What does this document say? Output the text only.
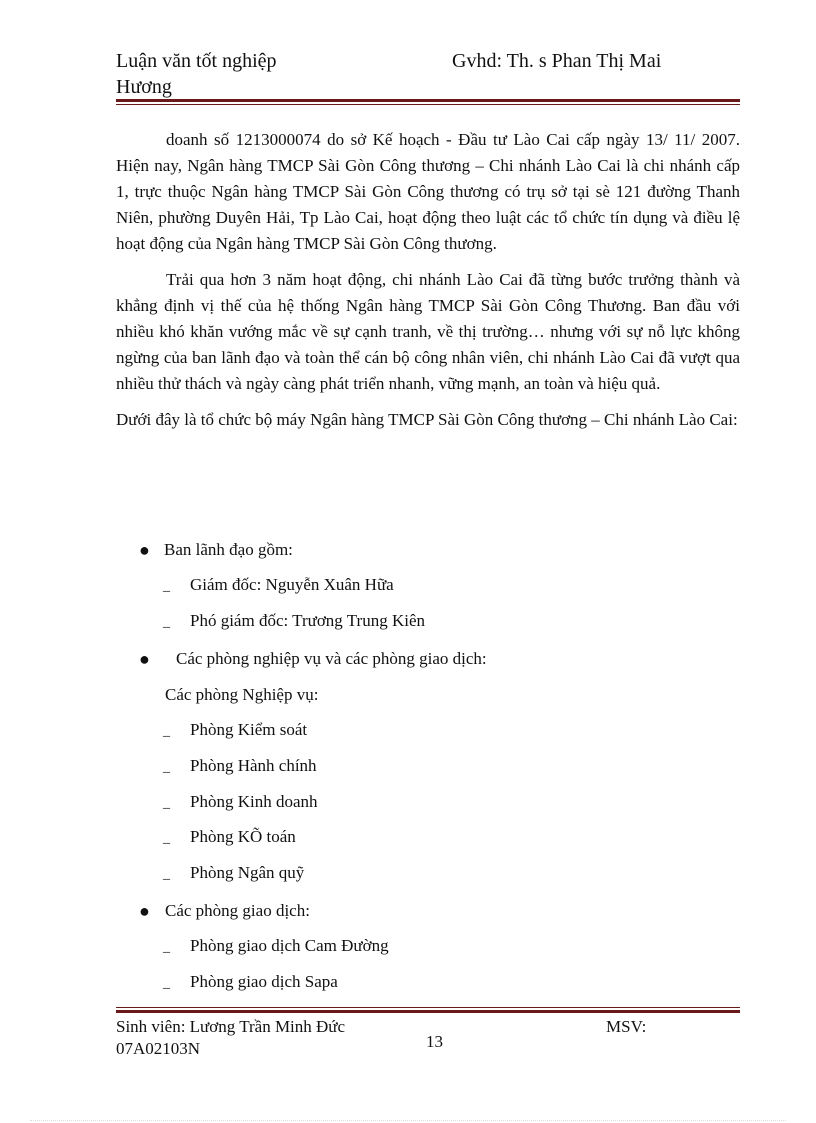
Luận văn tốt nghiệp
Hương
Gvhd: Th. s Phan Thị Mai

doanh số 1213000074 do sở Kế hoạch - Đầu tư Lào Cai cấp ngày 13/ 11/ 2007. Hiện nay, Ngân hàng TMCP Sài Gòn Công thương – Chi nhánh Lào Cai là chi nhánh cấp 1, trực thuộc Ngân hàng TMCP Sài Gòn Công thương có trụ sở tại sè 121 đường Thanh Niên, phường Duyên Hải, Tp Lào Cai, hoạt động theo luật các tổ chức tín dụng và điều lệ hoạt động của Ngân hàng TMCP Sài Gòn Công thương.

Trải qua hơn 3 năm hoạt động, chi nhánh Lào Cai đã từng bước trưởng thành và khẳng định vị thế của hệ thống Ngân hàng TMCP Sài Gòn Công Thương. Ban đầu với nhiều khó khăn vướng mắc về sự cạnh tranh, về thị trường… nhưng với sự nỗ lực không ngừng của ban lãnh đạo và toàn thể cán bộ công nhân viên, chi nhánh Lào Cai đã vượt qua nhiều thử thách và ngày càng phát triển nhanh, vững mạnh, an toàn và hiệu quả.

Dưới đây là tổ chức bộ máy Ngân hàng TMCP Sài Gòn Công thương – Chi nhánh Lào Cai:

● Ban lãnh đạo gồm:
_ Giám đốc: Nguyễn Xuân Hữa
_ Phó giám đốc: Trương Trung Kiên
● Các phòng nghiệp vụ và các phòng giao dịch:
Các phòng Nghiệp vụ:
_ Phòng Kiểm soát
_ Phòng Hành chính
_ Phòng Kinh doanh
_ Phòng KÕ toán
_ Phòng Ngân quỹ
● Các phòng giao dịch:
_ Phòng giao dịch Cam Đường
_ Phòng giao dịch Sapa
Sinh viên: Lương Trần Minh Đức
07A02103N	13
MSV:
